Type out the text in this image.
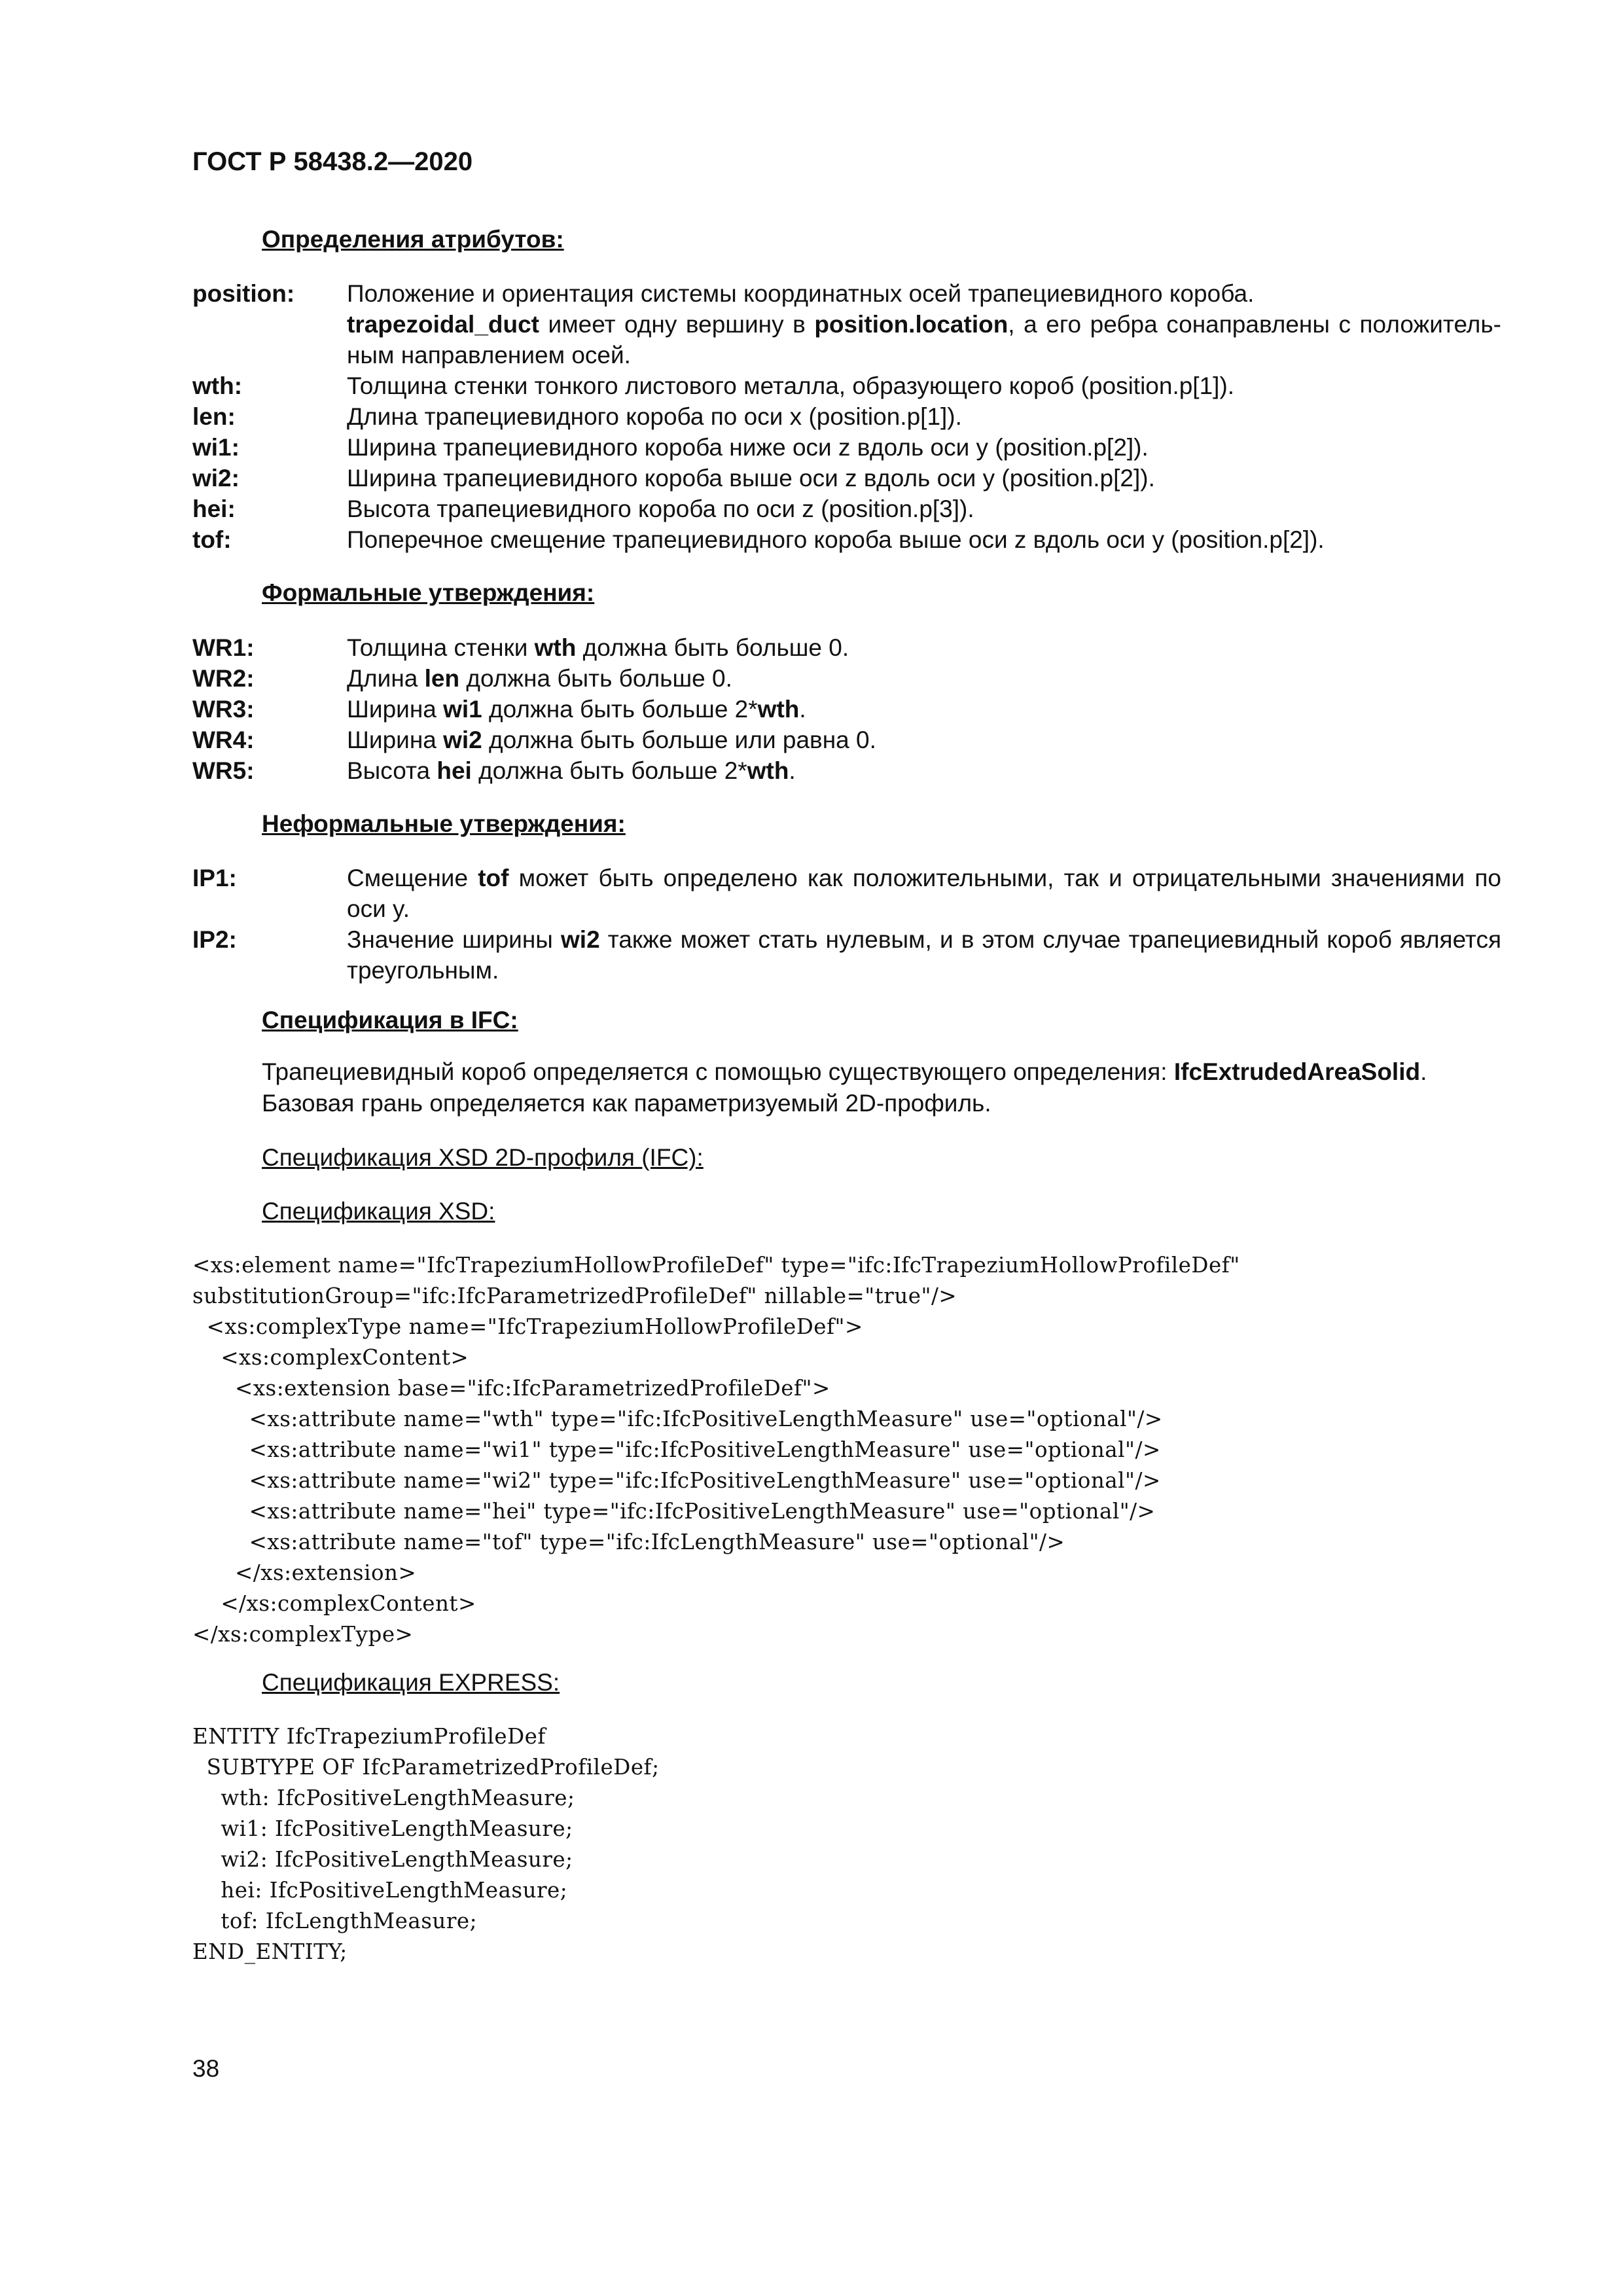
ГОСТ Р 58438.2—2020
Определения атрибутов:
position:	Положение и ориентация системы координатных осей трапециевидного короба.
trapezoidal_duct имеет одну вершину в position.location, а его ребра сонаправлены с положительным направлением осей.
wth:	Толщина стенки тонкого листового металла, образующего короб (position.p[1]).
len:	Длина трапециевидного короба по оси x (position.p[1]).
wi1:	Ширина трапециевидного короба ниже оси z вдоль оси y (position.p[2]).
wi2:	Ширина трапециевидного короба выше оси z вдоль оси y (position.p[2]).
hei:	Высота трапециевидного короба по оси z (position.p[3]).
tof:	Поперечное смещение трапециевидного короба выше оси z вдоль оси y (position.p[2]).
Формальные утверждения:
WR1:	Толщина стенки wth должна быть больше 0.
WR2:	Длина len должна быть больше 0.
WR3:	Ширина wi1 должна быть больше 2*wth.
WR4:	Ширина wi2 должна быть больше или равна 0.
WR5:	Высота hei должна быть больше 2*wth.
Неформальные утверждения:
IP1:	Смещение tof может быть определено как положительными, так и отрицательными значениями по оси y.
IP2:	Значение ширины wi2 также может стать нулевым, и в этом случае трапециевидный короб является треугольным.
Спецификация в IFC:
Трапециевидный короб определяется с помощью существующего определения: IfcExtrudedAreaSolid.
Базовая грань определяется как параметризуемый 2D-профиль.
Спецификация XSD 2D-профиля (IFC):
Спецификация XSD:
<xs:element name="IfcTrapeziumHollowProfileDef" type="ifc:IfcTrapeziumHollowProfileDef"
substitutionGroup="ifc:IfcParametrizedProfileDef" nillable="true"/>
<xs:complexType name="IfcTrapeziumHollowProfileDef">
<xs:complexContent>
<xs:extension base="ifc:IfcParametrizedProfileDef">
<xs:attribute name="wth" type="ifc:IfcPositiveLengthMeasure" use="optional"/>
<xs:attribute name="wi1" type="ifc:IfcPositiveLengthMeasure" use="optional"/>
<xs:attribute name="wi2" type="ifc:IfcPositiveLengthMeasure" use="optional"/>
<xs:attribute name="hei" type="ifc:IfcPositiveLengthMeasure" use="optional"/>
<xs:attribute name="tof" type="ifc:IfcLengthMeasure" use="optional"/>
</xs:extension>
</xs:complexContent>
</xs:complexType>
Спецификация EXPRESS:
ENTITY IfcTrapeziumProfileDef
SUBTYPE OF IfcParametrizedProfileDef;
wth: IfcPositiveLengthMeasure;
wi1: IfcPositiveLengthMeasure;
wi2: IfcPositiveLengthMeasure;
hei: IfcPositiveLengthMeasure;
tof: IfcLengthMeasure;
END_ENTITY;
38
